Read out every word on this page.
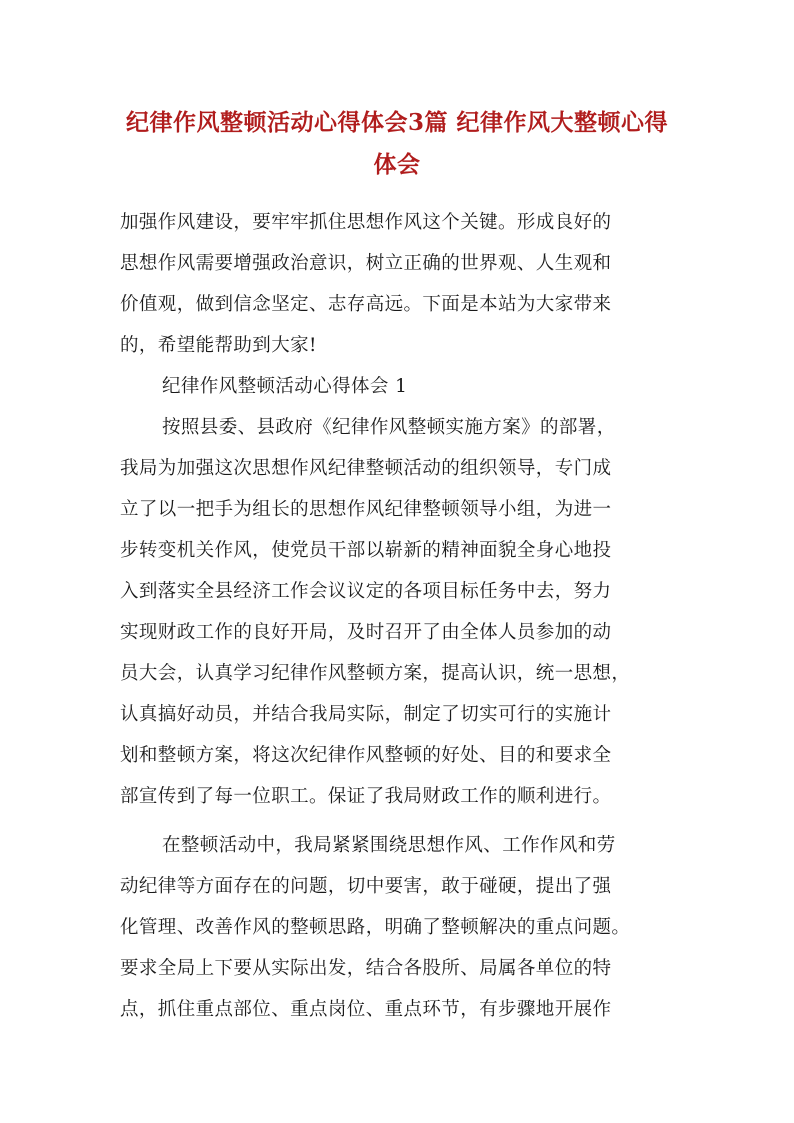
纪律作风整顿活动心得体会3篇 纪律作风大整顿心得
体会
加强作风建设，要牢牢抓住思想作风这个关键。形成良好的
思想作风需要增强政治意识，树立正确的世界观、人生观和
价值观，做到信念坚定、志存高远。下面是本站为大家带来
的，希望能帮助到大家!
纪律作风整顿活动心得体会 1
按照县委、县政府《纪律作风整顿实施方案》的部署，
我局为加强这次思想作风纪律整顿活动的组织领导，专门成
立了以一把手为组长的思想作风纪律整顿领导小组，为进一
步转变机关作风，使党员干部以崭新的精神面貌全身心地投
入到落实全县经济工作会议议定的各项目标任务中去，努力
实现财政工作的良好开局，及时召开了由全体人员参加的动
员大会，认真学习纪律作风整顿方案，提高认识，统一思想，
认真搞好动员，并结合我局实际，制定了切实可行的实施计
划和整顿方案，将这次纪律作风整顿的好处、目的和要求全
部宣传到了每一位职工。保证了我局财政工作的顺利进行。
在整顿活动中，我局紧紧围绕思想作风、工作作风和劳
动纪律等方面存在的问题，切中要害，敢于碰硬，提出了强
化管理、改善作风的整顿思路，明确了整顿解决的重点问题。
要求全局上下要从实际出发，结合各股所、局属各单位的特
点，抓住重点部位、重点岗位、重点环节，有步骤地开展作
